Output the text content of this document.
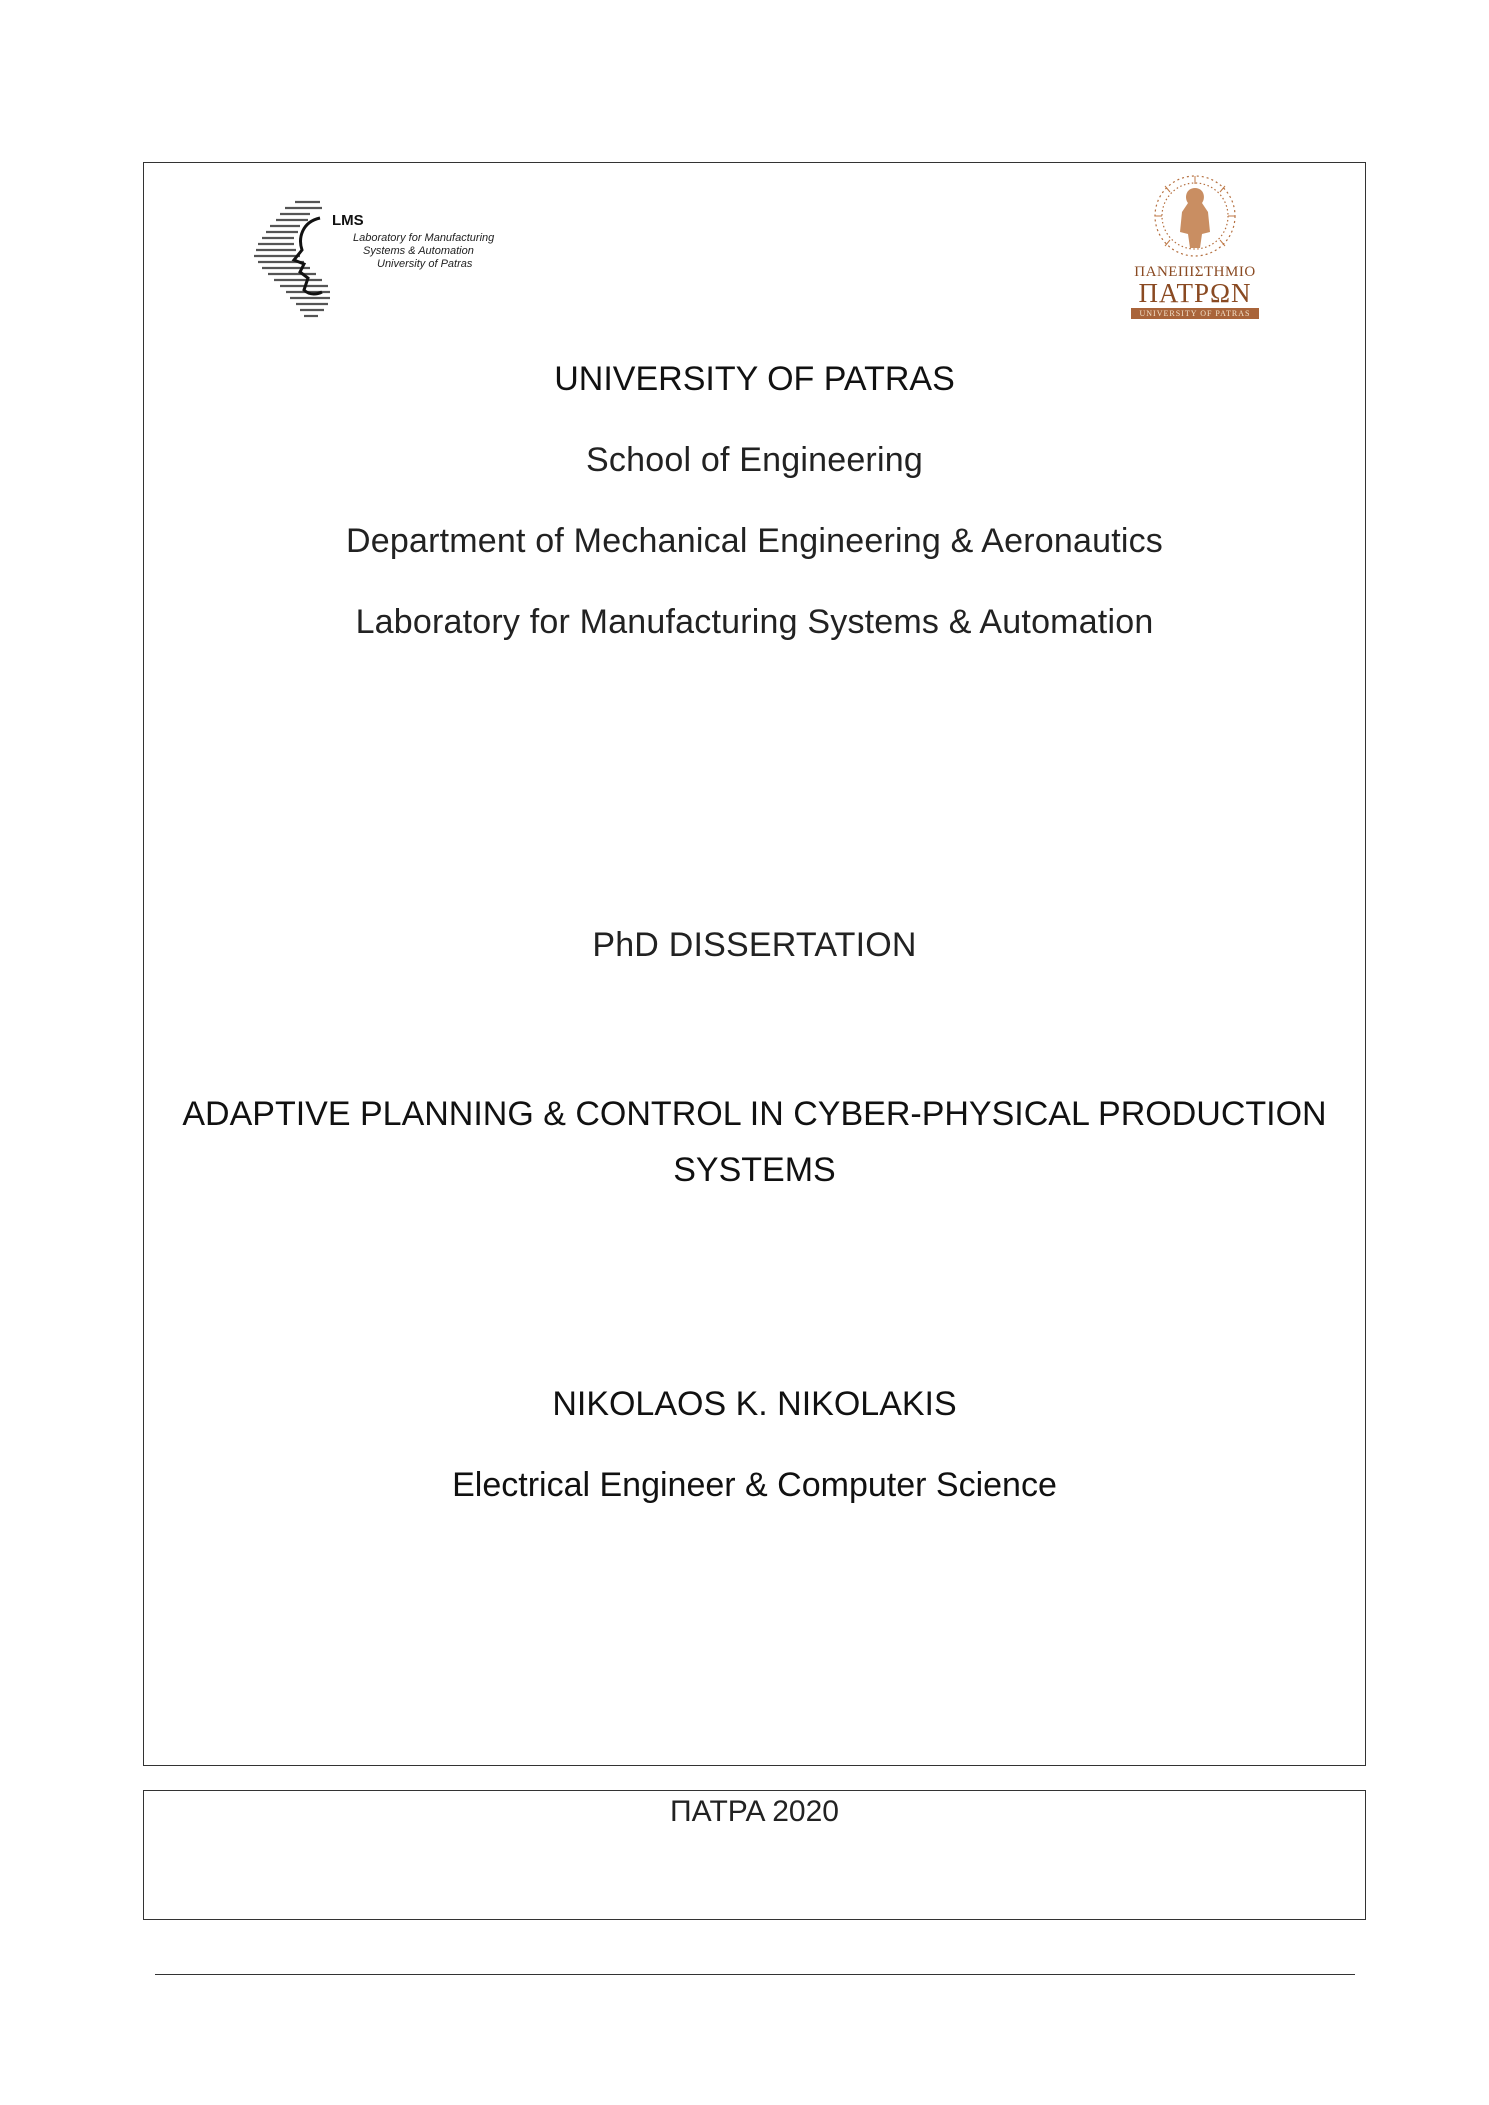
LMS
Laboratory for Manufacturing
Systems & Automation
University of Patras	ΠΑΝΕΠΙΣΤΗΜΙΟ
ΠΑΤΡΩΝ
UNIVERSITY OF PATRAS
UNIVERSITY OF PATRAS
School of Engineering
Department of Mechanical Engineering & Aeronautics
Laboratory for Manufacturing Systems & Automation
PhD DISSERTATION
ADAPTIVE PLANNING & CONTROL IN CYBER-PHYSICAL PRODUCTION
SYSTEMS
NIKOLAOS K. NIKOLAKIS
Electrical Engineer & Computer Science
ΠΑΤΡΑ 2020
